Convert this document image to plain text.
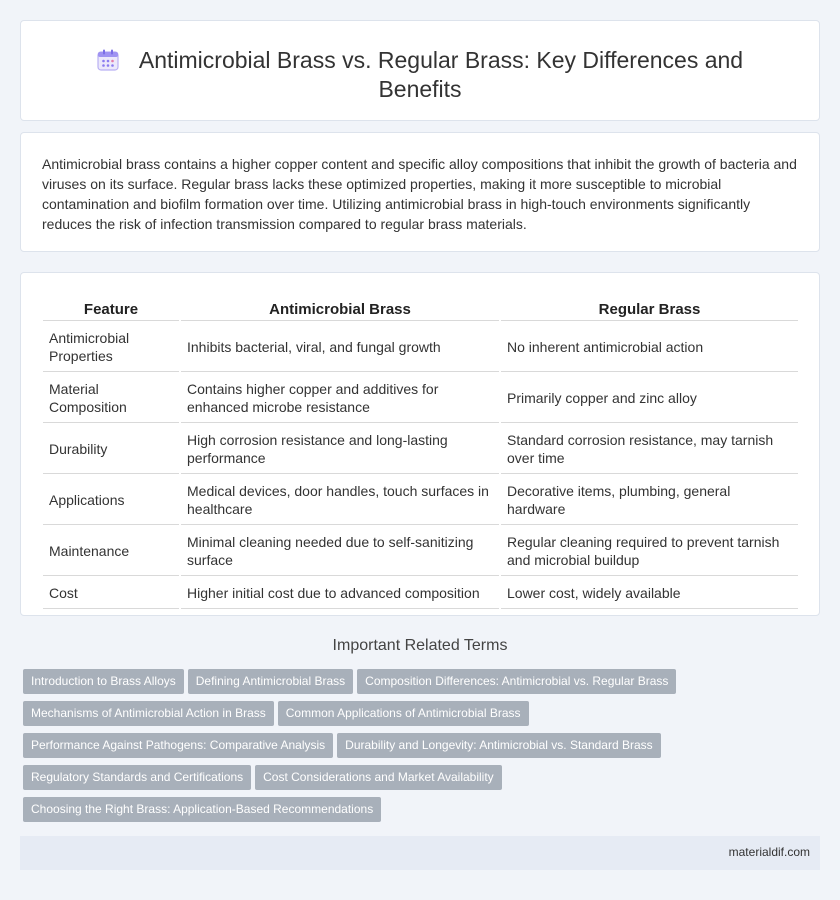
Antimicrobial Brass vs. Regular Brass: Key Differences and
Benefits

Antimicrobial brass contains a higher copper content and specific alloy compositions that inhibit the growth of bacteria and viruses on its surface. Regular brass lacks these optimized properties, making it more susceptible to microbial contamination and biofilm formation over time. Utilizing antimicrobial brass in high-touch environments significantly reduces the risk of infection transmission compared to regular brass materials.

Feature	Antimicrobial Brass	Regular Brass
Antimicrobial Properties	Inhibits bacterial, viral, and fungal growth	No inherent antimicrobial action
Material Composition	Contains higher copper and additives for enhanced microbe resistance	Primarily copper and zinc alloy
Durability	High corrosion resistance and long-lasting performance	Standard corrosion resistance, may tarnish over time
Applications	Medical devices, door handles, touch surfaces in healthcare	Decorative items, plumbing, general hardware
Maintenance	Minimal cleaning needed due to self-sanitizing surface	Regular cleaning required to prevent tarnish and microbial buildup
Cost	Higher initial cost due to advanced composition	Lower cost, widely available
Important Related Terms
Introduction to Brass Alloys Defining Antimicrobial Brass Composition Differences: Antimicrobial vs. Regular Brass
Mechanisms of Antimicrobial Action in Brass Common Applications of Antimicrobial Brass
Performance Against Pathogens: Comparative Analysis Durability and Longevity: Antimicrobial vs. Standard Brass
Regulatory Standards and Certifications Cost Considerations and Market Availability
Choosing the Right Brass: Application-Based Recommendations
materialdif.com
